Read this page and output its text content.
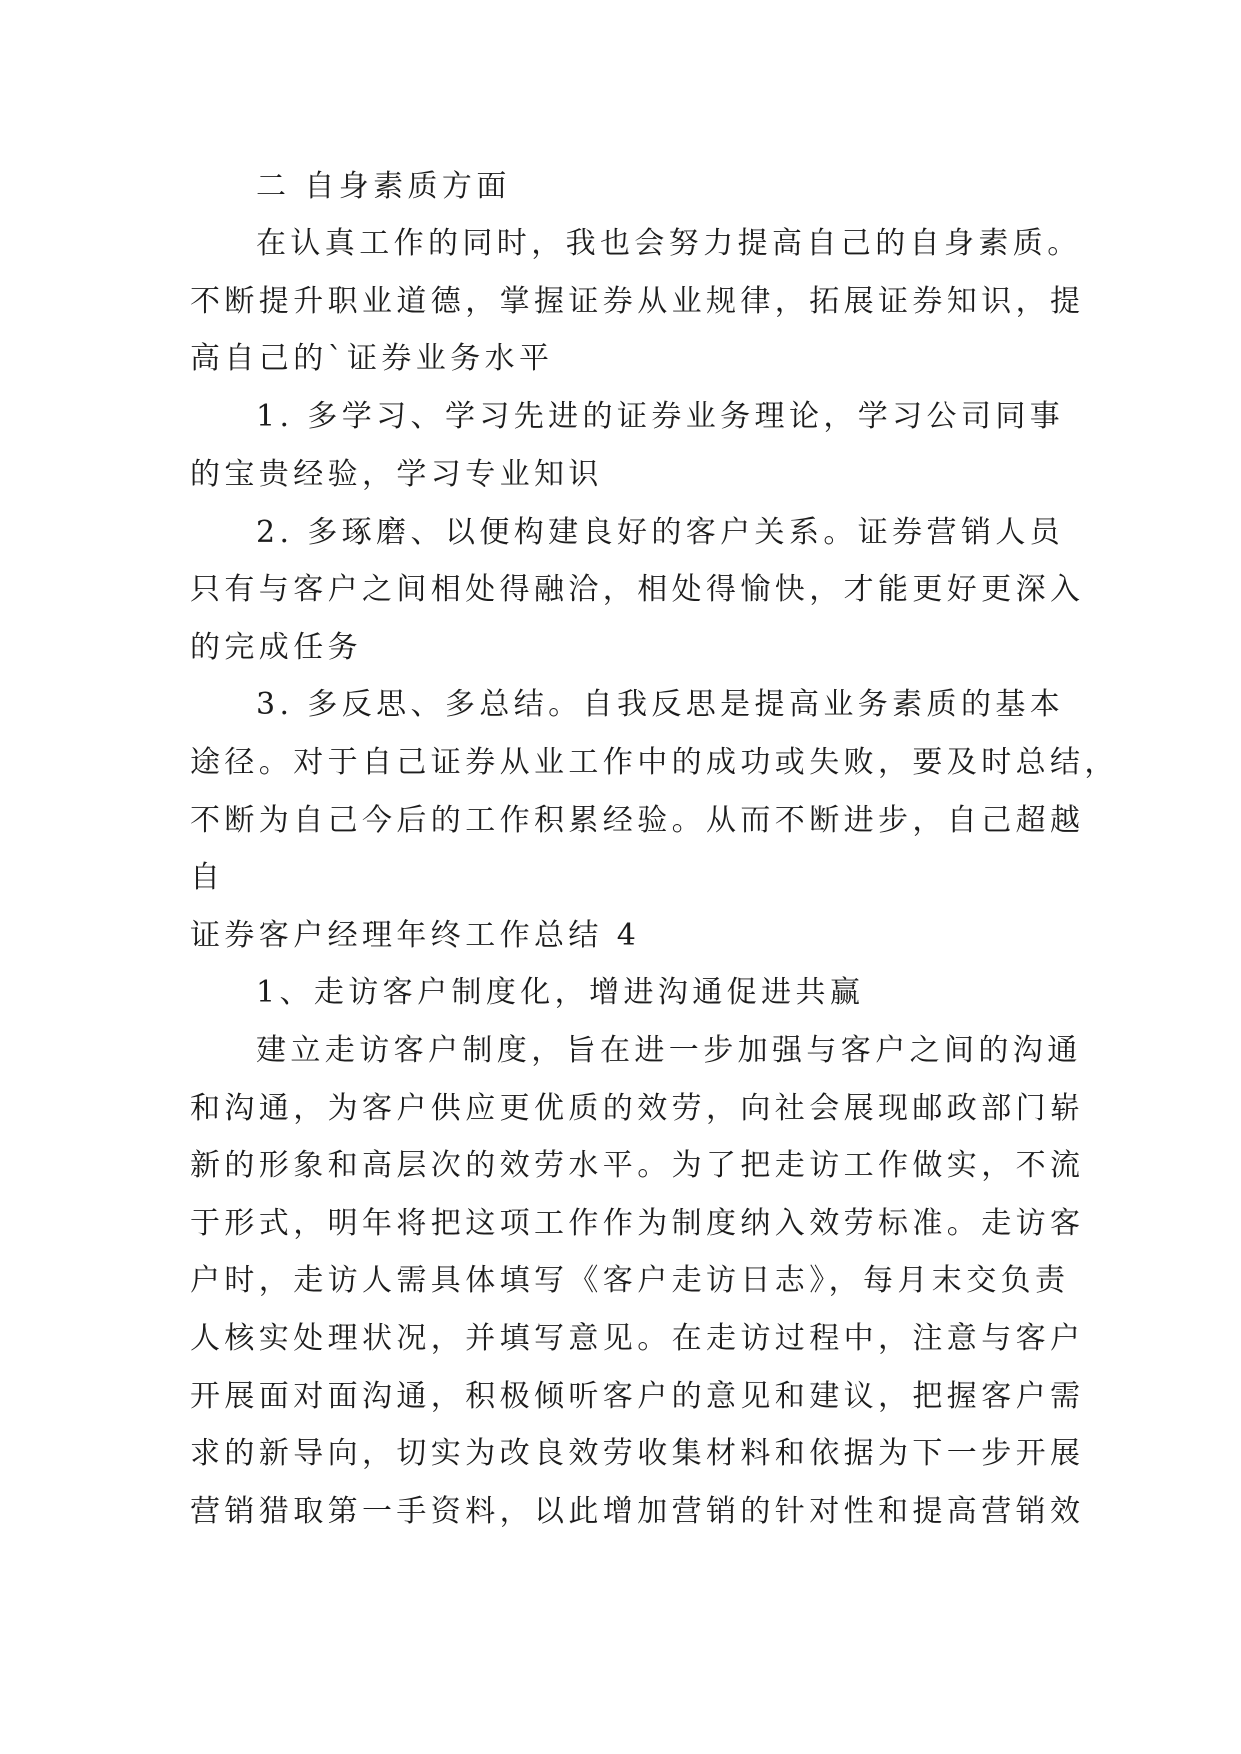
二 自身素质方面
在认真工作的同时，我也会努力提高自己的自身素质。
不断提升职业道德，掌握证券从业规律，拓展证券知识，提
高自己的`证券业务水平
1. 多学习、学习先进的证券业务理论，学习公司同事
的宝贵经验，学习专业知识
2. 多琢磨、以便构建良好的客户关系。证券营销人员
只有与客户之间相处得融洽，相处得愉快，才能更好更深入
的完成任务
3. 多反思、多总结。自我反思是提高业务素质的基本
途径。对于自己证券从业工作中的成功或失败，要及时总结，
不断为自己今后的工作积累经验。从而不断进步，自己超越
自
证券客户经理年终工作总结 4
1、走访客户制度化，增进沟通促进共赢
建立走访客户制度，旨在进一步加强与客户之间的沟通
和沟通，为客户供应更优质的效劳，向社会展现邮政部门崭
新的形象和高层次的效劳水平。为了把走访工作做实，不流
于形式，明年将把这项工作作为制度纳入效劳标准。走访客
户时，走访人需具体填写《客户走访日志》，每月末交负责
人核实处理状况，并填写意见。在走访过程中，注意与客户
开展面对面沟通，积极倾听客户的意见和建议，把握客户需
求的新导向，切实为改良效劳收集材料和依据为下一步开展
营销猎取第一手资料，以此增加营销的针对性和提高营销效
